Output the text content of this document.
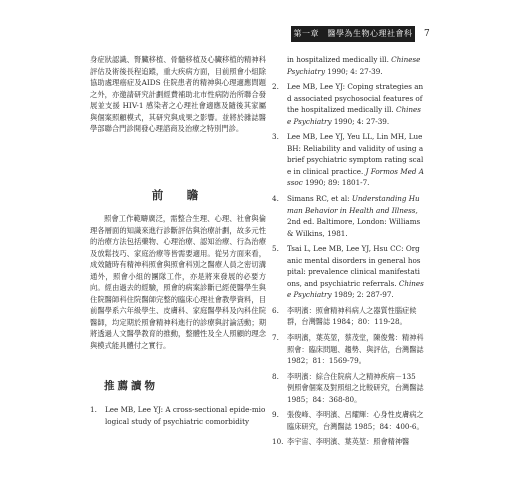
第一章　醫學為生物心理社會科學
7

身症狀認識、腎臟移植、骨髓移植及心臟移植的精神科評估及術後長程追蹤，重大疾病方面，目前照會小組除協助處理癌症及AIDS 住院患者的精神與心理適應問題之外，亦邀請研究計劃經費補助北市性病防治所聯合發展並支援 HIV-1 感染者之心理社會適應及隨後其家屬與個案照顧模式，其研究與成果之影響。並將於雜誌醫學部聯合門診開發心理諮商及治療之特別門診。

前　瞻

照會工作範疇廣泛，需整合生理、心理、社會與倫理各層面的知識來進行診斷評估與治療計劃，故多元性的治療方法包括藥物、心理治療、認知治療、行為治療及放鬆技巧、家庭治療等皆需要適用。從另方面來看，成效隨時有精神科照會與照會科別之醫療人員之密切溝通外，照會小組的團隊工作，亦是將來發展的必要方向。經由過去的經驗，照會的病案診斷已經使醫學生與住院醫師科住院醫師完整的臨床心理社會教學資料，目前醫學系六年級學生、皮膚科、家庭醫學科及內科住院醫師，均定期於照會精神科進行的診療與討論活動；期將透過人文醫學教育的推動，整體性及全人照顧的理念與模式能具體付之實行。

推薦讀物
1.	Lee MB, Lee YJ: A cross-sectional epide-miological study of psychiatric comorbidity
in hospitalized medically ill. Chinese Psychiatry 1990; 4: 27-39.
2.	Lee MB, Lee YJ: Coping strategies and associated psychosocial features of the hospitalized medically ill. Chinese Psychiatry 1990; 4: 27-39.
3.	Lee MB, Lee YJ, Yeu LL, Lin MH, Lue BH: Reliability and validity of using a brief psychiatric symptom rating scale in clinical practice. J Formos Med Assoc 1990; 89: 1801-7.
4.	Simans RC, et al: Understanding Human Behavior in Health and Illness, 2nd ed. Baltimore, London: Williams & Wilkins, 1981.
5.	Tsai L, Lee MB, Lee YJ, Hsu CC: Organic mental disorders in general hospital: prevalence clinical manifestations, and psychiatric referrals. Chinese Psychiatry 1989; 2: 287-97.
6.	李明濱：照會精神科病人之器質性腦症候群，台灣醫誌 1984；80：119-28。
7.	李明濱，葉英堃，蔡茂堂，陳俊鶯：精神科照會：臨床問題、趨勢、與評估，台灣醫誌 1982；81：1569-79。
8.	李明濱：綜合住院病人之精神疾病－135 例照會個案及對照組之比較研究，台灣醫誌 1985；84：368-80。
9.	張俊峰、李明濱、呂耀輝：心身性皮膚病之臨床研究，台灣醫誌 1985；84：400-6。
10. 李宇宙、李明濱、葉英堃：照會精神醫
